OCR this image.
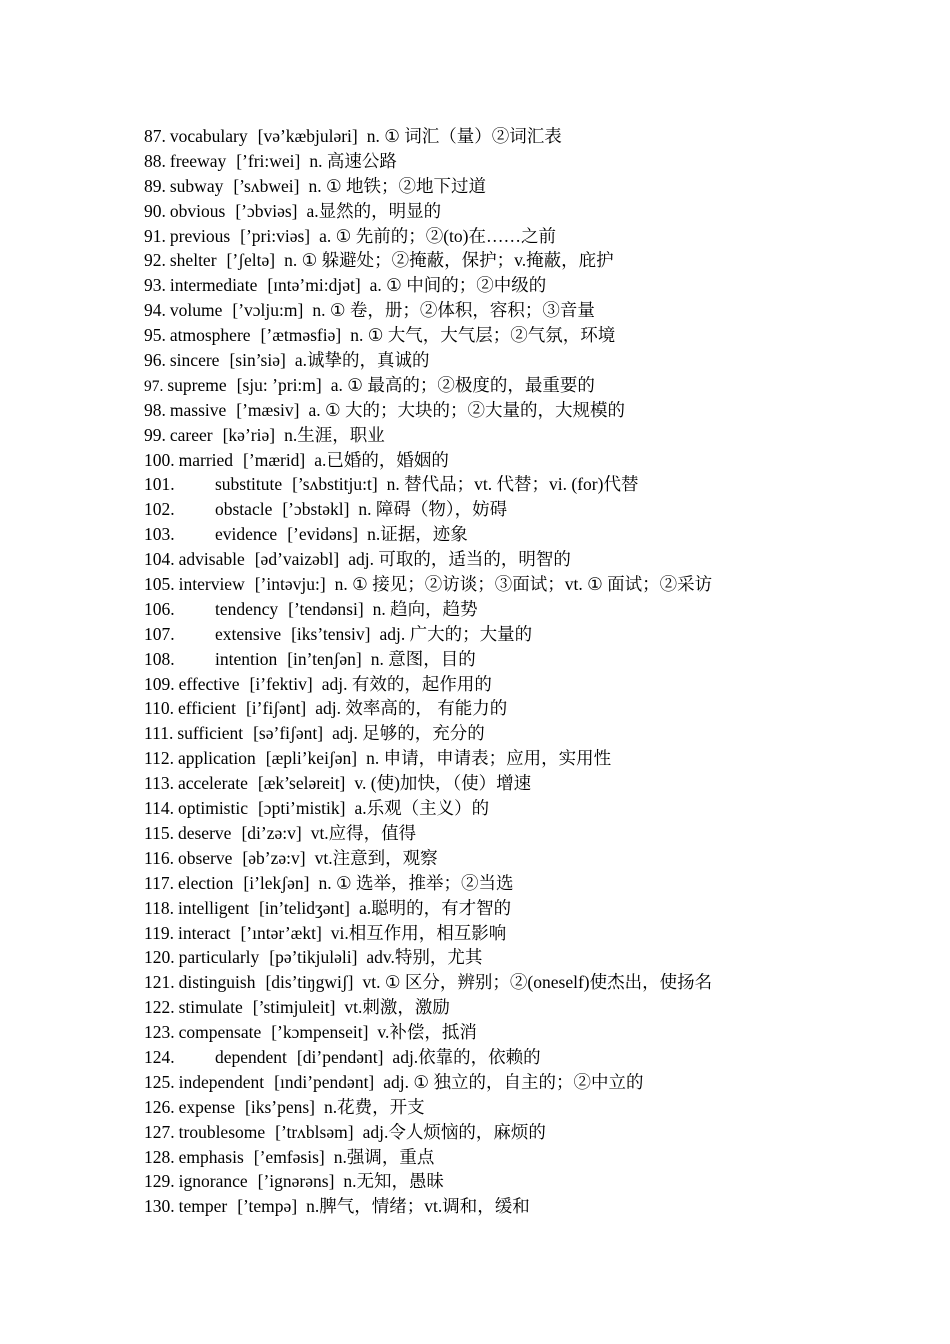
87. vocabulary [və’kæbjuləri] n. ① 词汇（量）②词汇表
88. freeway [’fri:wei] n. 高速公路
89. subway [’sʌbwei] n. ① 地铁；②地下过道
90. obvious [’ɔbviəs] a.显然的，明显的
91. previous [’pri:viəs] a. ① 先前的；②(to)在……之前
92. shelter [’ʃeltə] n. ① 躲避处；②掩蔽，保护；v.掩蔽，庇护
93. intermediate [ɪntə’mi:djət] a. ① 中间的；②中级的
94. volume [’vɔlju:m] n. ① 卷，册；②体积，容积；③音量
95. atmosphere [’ætməsfiə] n. ① 大气，大气层；②气氛，环境
96. sincere [sin’siə] a.诚挚的，真诚的
97. supreme [sju: ’pri:m] a. ① 最高的；②极度的，最重要的
98. massive [’mæsiv] a. ① 大的；大块的；②大量的，大规模的
99. career [kə’riə] n.生涯，职业
100. married [’mærid] a.已婚的，婚姻的
101.	substitute [’sʌbstitju:t] n. 替代品；vt. 代替；vi. (for)代替
102.	obstacle [’ɔbstəkl] n. 障碍（物），妨碍
103.	evidence [’evidəns] n.证据，迹象
104. advisable [əd’vaizəbl] adj. 可取的，适当的，明智的
105. interview [’intəvju:] n. ① 接见；②访谈；③面试；vt. ① 面试；②采访
106.	tendency [’tendənsi] n. 趋向，趋势
107.	extensive [iks’tensiv] adj. 广大的；大量的
108.	intention [in’tenʃən] n. 意图，目的
109. effective [i’fektiv] adj. 有效的，起作用的
110. efficient [i’fiʃənt] adj. 效率高的， 有能力的
111. sufficient [sə’fiʃənt] adj. 足够的，充分的
112. application [æpli’keiʃən] n. 申请，申请表；应用，实用性
113. accelerate [æk’seləreit] v. (使)加快，（使）增速
114. optimistic [ɔpti’mistik] a.乐观（主义）的
115. deserve [di’zə:v] vt.应得，值得
116. observe [əb’zə:v] vt.注意到，观察
117. election [i’lekʃən] n. ① 选举，推举；②当选
118. intelligent [in’telidʒənt] a.聪明的，有才智的
119. interact [’ıntər’ækt] vi.相互作用，相互影响
120. particularly [pə’tikjuləli] adv.特别，尤其
121. distinguish [dis’tiŋgwiʃ] vt. ① 区分，辨别；②(oneself)使杰出，使扬名
122. stimulate [’stimjuleit] vt.刺激，激励
123. compensate [’kɔmpenseit] v.补偿，抵消
124.	dependent [di’pendənt] adj.依靠的，依赖的
125. independent [ındi’pendənt] adj. ① 独立的，自主的；②中立的
126. expense [iks’pens] n.花费，开支
127. troublesome [’trʌblsəm] adj.令人烦恼的，麻烦的
128. emphasis [’emfəsis] n.强调，重点
129. ignorance [’ignərəns] n.无知，愚昧
130. temper [’tempə] n.脾气，情绪；vt.调和，缓和
